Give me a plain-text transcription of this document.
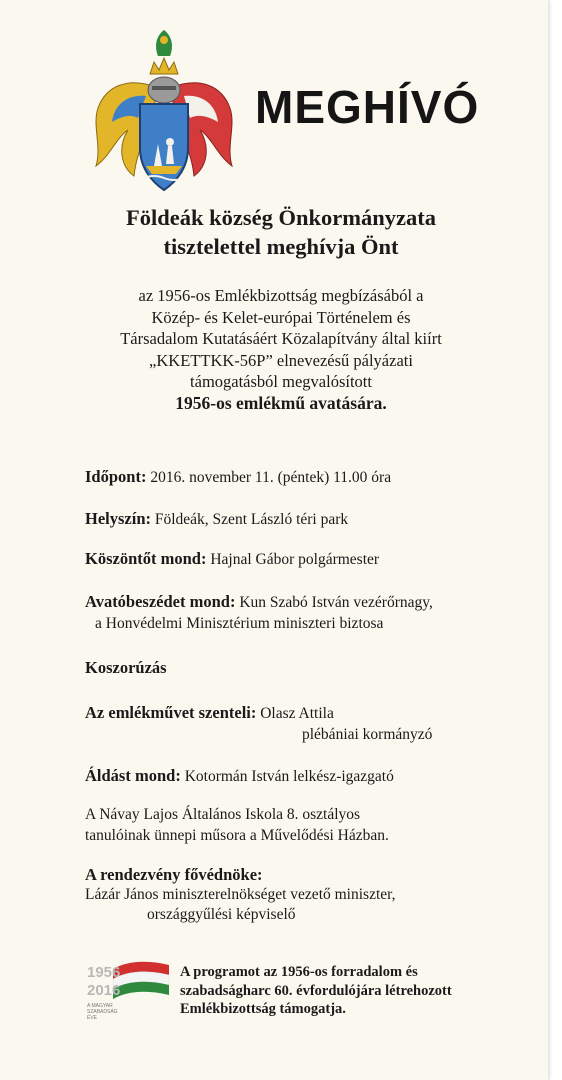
MEGHÍVÓ
Földeák község Önkormányzata
tisztelettel meghívja Önt
az 1956-os Emlékbizottság megbízásából a
Közép- és Kelet-európai Történelem és
Társadalom Kutatásáért Közalapítvány által kiírt
„KKETTKK-56P” elnevezésű pályázati
támogatásból megvalósított
1956-os emlékmű avatására.
Időpont: 2016. november 11. (péntek) 11.00 óra
Helyszín: Földeák, Szent László téri park
Köszöntőt mond: Hajnal Gábor polgármester
Avatóbeszédet mond: Kun Szabó István vezérőrnagy,
a Honvédelmi Minisztérium miniszteri biztosa
Koszorúzás
Az emlékművet szenteli: Olasz Attila
plébániai kormányzó
Áldást mond: Kotormán István lelkész-igazgató
A Návay Lajos Általános Iskola 8. osztályos
tanulóinak ünnepi műsora a Művelődési Házban.
A rendezvény fővédnöke:
Lázár János miniszterelnökséget vezető miniszter,
országgyűlési képviselő
1956
2016
A MAGYAR
SZABADSÁG
ÉVE
A programot az 1956-os forradalom és
szabadságharc 60. évfordulójára létrehozott
Emlékbizottság támogatja.
